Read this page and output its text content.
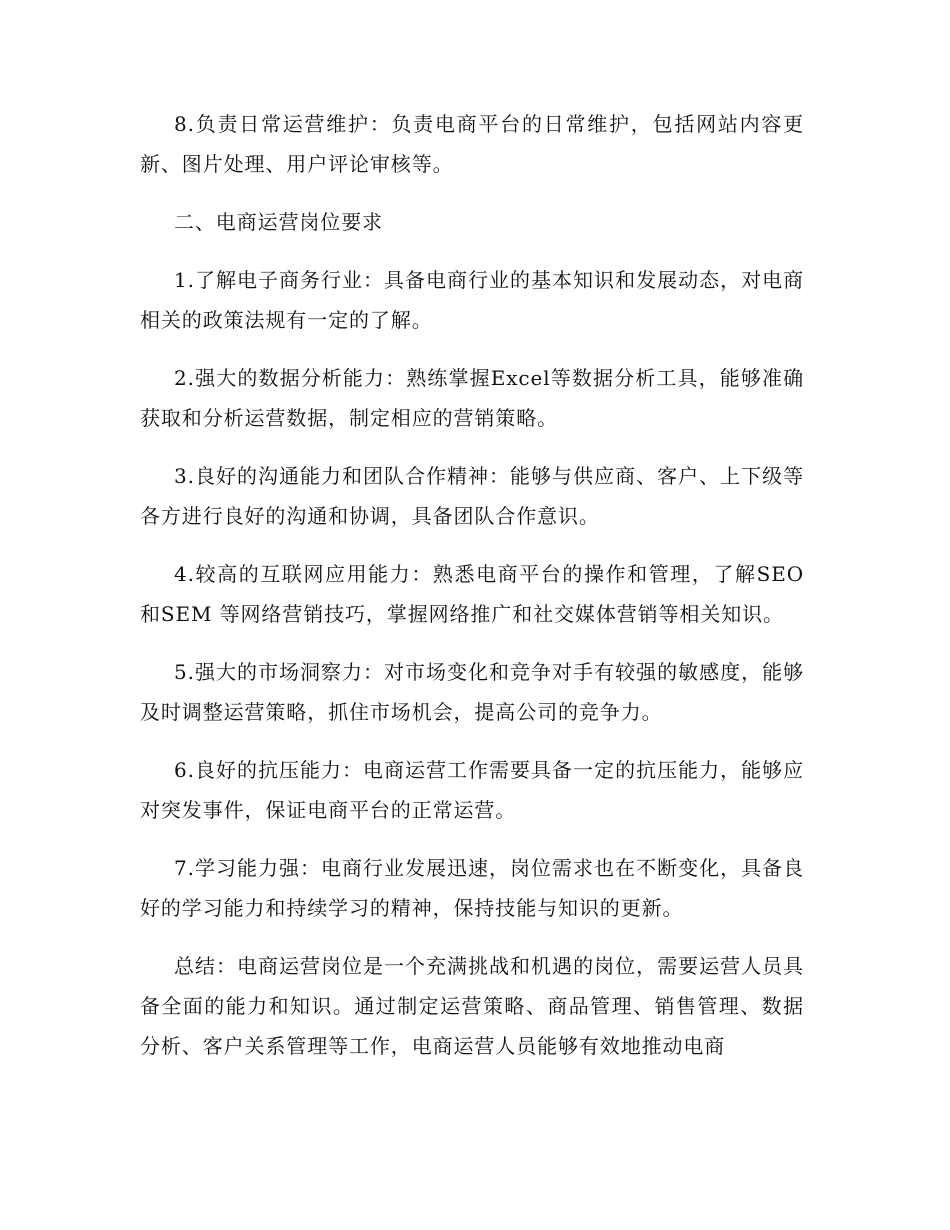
8.负责日常运营维护：负责电商平台的日常维护，包括网站内容更新、图片处理、用户评论审核等。

二、电商运营岗位要求

1.了解电子商务行业：具备电商行业的基本知识和发展动态，对电商相关的政策法规有一定的了解。

2.强大的数据分析能力：熟练掌握Excel等数据分析工具，能够准确获取和分析运营数据，制定相应的营销策略。

3.良好的沟通能力和团队合作精神：能够与供应商、客户、上下级等各方进行良好的沟通和协调，具备团队合作意识。

4.较高的互联网应用能力：熟悉电商平台的操作和管理，了解SEO和SEM 等网络营销技巧，掌握网络推广和社交媒体营销等相关知识。

5.强大的市场洞察力：对市场变化和竞争对手有较强的敏感度，能够及时调整运营策略，抓住市场机会，提高公司的竞争力。

6.良好的抗压能力：电商运营工作需要具备一定的抗压能力，能够应对突发事件，保证电商平台的正常运营。

7.学习能力强：电商行业发展迅速，岗位需求也在不断变化，具备良好的学习能力和持续学习的精神，保持技能与知识的更新。

总结：电商运营岗位是一个充满挑战和机遇的岗位，需要运营人员具备全面的能力和知识。通过制定运营策略、商品管理、销售管理、数据分析、客户关系管理等工作，电商运营人员能够有效地推动电商
